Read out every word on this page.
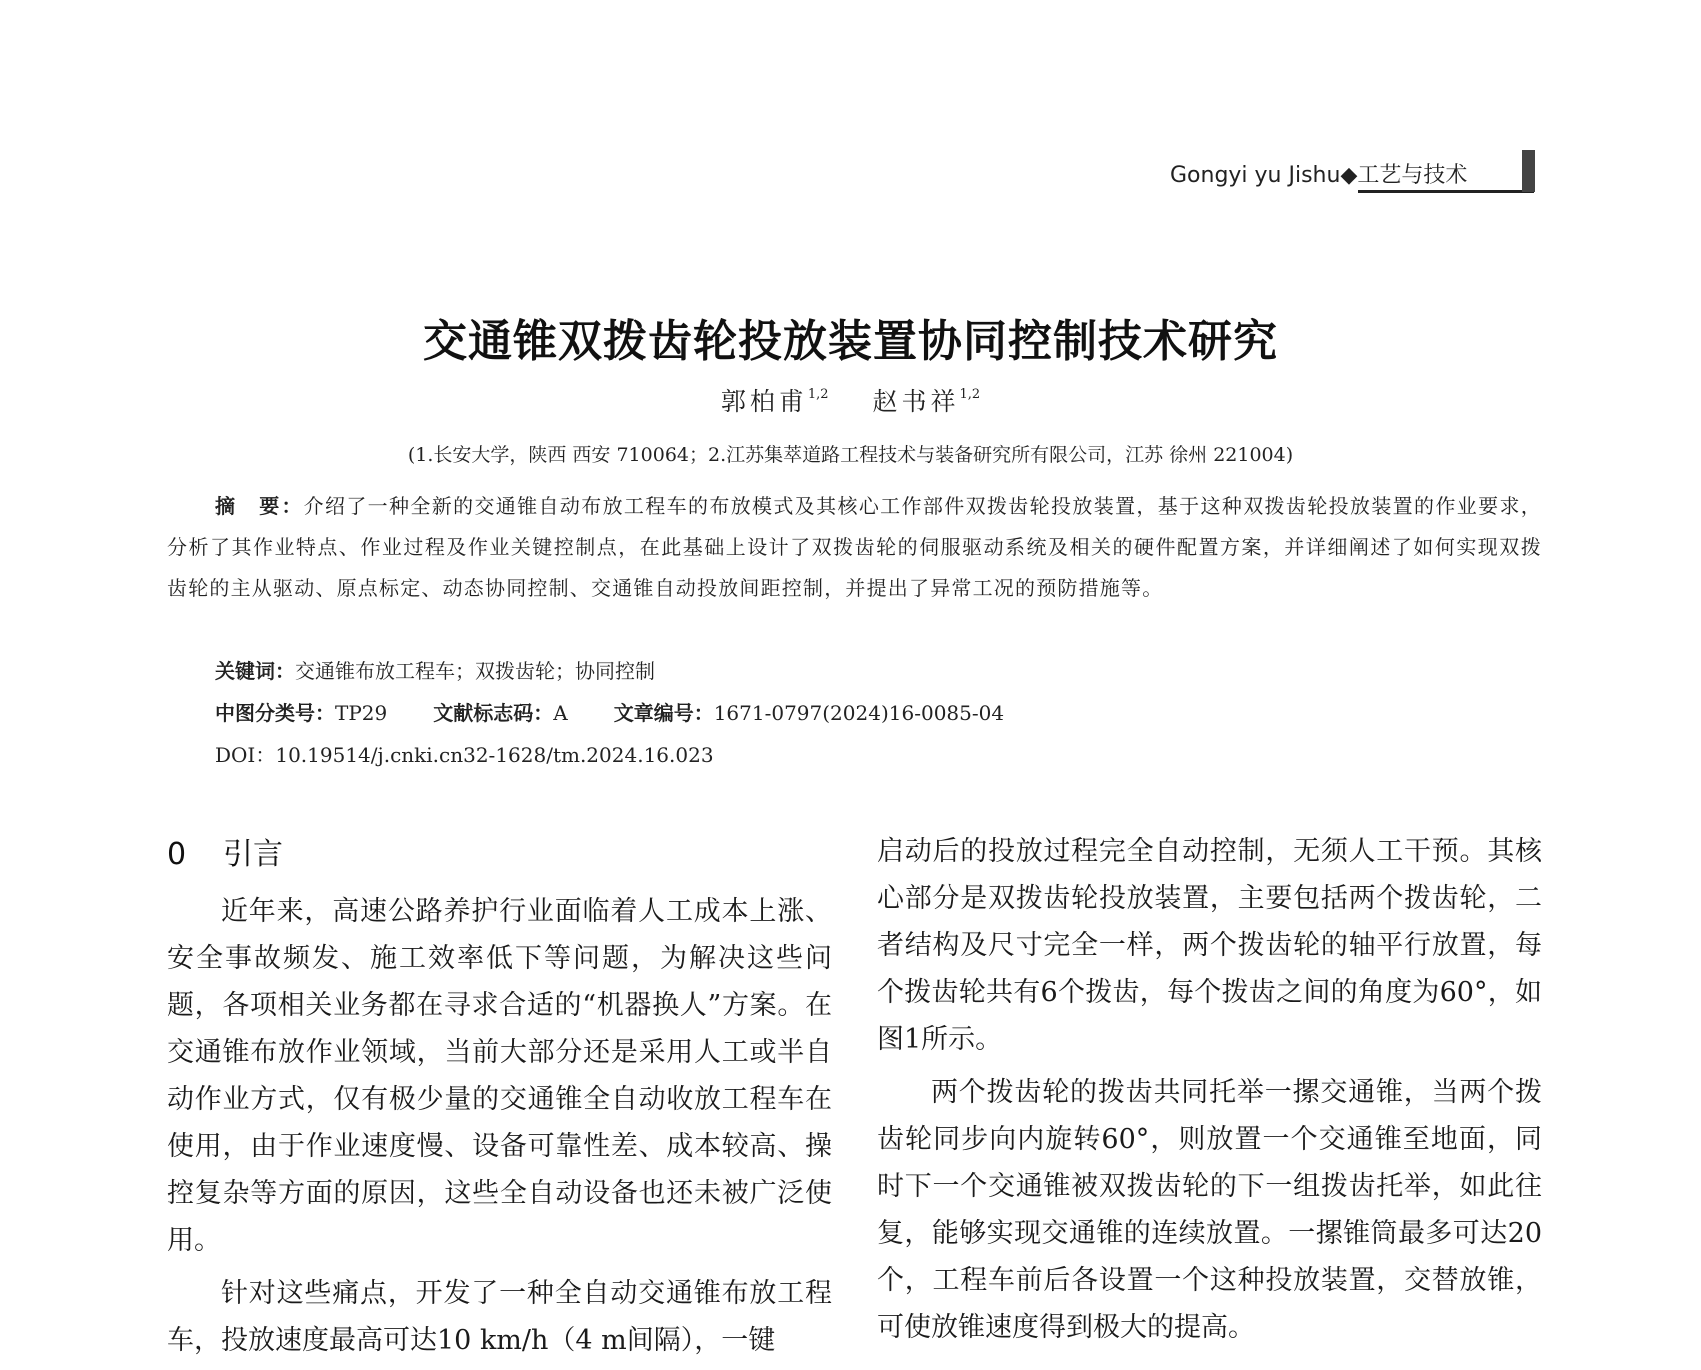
Gongyi yu Jishu◆工艺与技术
交通锥双拨齿轮投放装置协同控制技术研究
郭柏甫$^{1,2}$ 赵书祥$^{1,2}$
(1.长安大学，陕西 西安 710064；2.江苏集萃道路工程技术与装备研究所有限公司，江苏 徐州 221004)
摘　要：介绍了一种全新的交通锥自动布放工程车的布放模式及其核心工作部件双拨齿轮投放装置，基于这种双拨齿轮投放装置的作业要求，分析了其作业特点、作业过程及作业关键控制点，在此基础上设计了双拨齿轮的伺服驱动系统及相关的硬件配置方案，并详细阐述了如何实现双拨齿轮的主从驱动、原点标定、动态协同控制、交通锥自动投放间距控制，并提出了异常工况的预防措施等。
关键词：交通锥布放工程车；双拨齿轮；协同控制
中图分类号：TP29 文献标志码：A 文章编号：1671-0797(2024)16-0085-04
DOI：10.19514/j.cnki.cn32-1628/tm.2024.16.023
0 引言

近年来，高速公路养护行业面临着人工成本上涨、安全事故频发、施工效率低下等问题，为解决这些问题，各项相关业务都在寻求合适的“机器换人”方案。在交通锥布放作业领域，当前大部分还是采用人工或半自动作业方式，仅有极少量的交通锥全自动收放工程车在使用，由于作业速度慢、设备可靠性差、成本较高、操控复杂等方面的原因，这些全自动设备也还未被广泛使用。

针对这些痛点，开发了一种全自动交通锥布放工程车，投放速度最高可达10 km/h（4 m间隔），一键

启动后的投放过程完全自动控制，无须人工干预。其核心部分是双拨齿轮投放装置，主要包括两个拨齿轮，二者结构及尺寸完全一样，两个拨齿轮的轴平行放置，每个拨齿轮共有6个拨齿，每个拨齿之间的角度为60°，如图1所示。

两个拨齿轮的拨齿共同托举一摞交通锥，当两个拨齿轮同步向内旋转60°，则放置一个交通锥至地面，同时下一个交通锥被双拨齿轮的下一组拨齿托举，如此往复，能够实现交通锥的连续放置。一摞锥筒最多可达20个，工程车前后各设置一个这种投放装置，交替放锥，可使放锥速度得到极大的提高。
